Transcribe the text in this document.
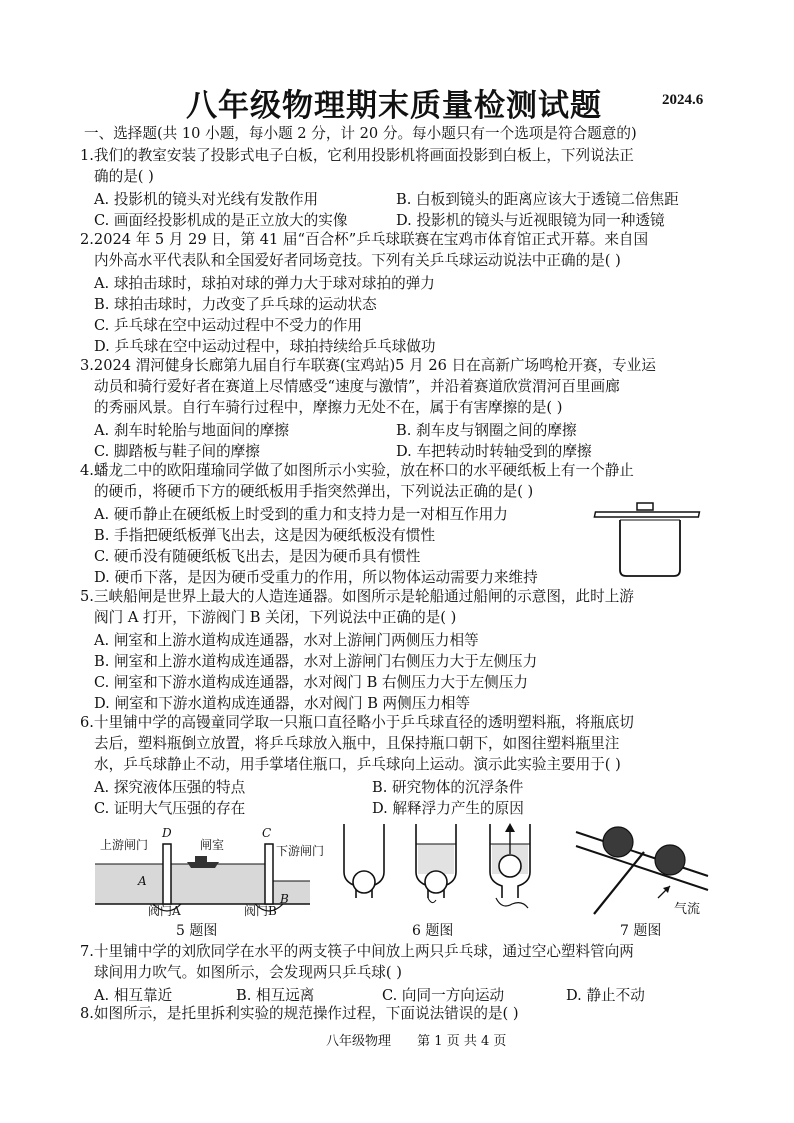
八年级物理期末质量检测试题	2024.6
一、选择题(共 10 小题，每小题 2 分，计 20 分。每小题只有一个选项是符合题意的)
1.我们的教室安装了投影式电子白板，它利用投影机将画面投影到白板上，下列说法正
确的是( )
A. 投影机的镜头对光线有发散作用	B. 白板到镜头的距离应该大于透镜二倍焦距
C. 画面经投影机成的是正立放大的实像	D. 投影机的镜头与近视眼镜为同一种透镜
2.2024 年 5 月 29 日，第 41 届“百合杯”乒乓球联赛在宝鸡市体育馆正式开幕。来自国
内外高水平代表队和全国爱好者同场竞技。下列有关乒乓球运动说法中正确的是( )
A. 球拍击球时，球拍对球的弹力大于球对球拍的弹力
B. 球拍击球时，力改变了乒乓球的运动状态
C. 乒乓球在空中运动过程中不受力的作用
D. 乒乓球在空中运动过程中，球拍持续给乒乓球做功
3.2024 渭河健身长廊第九届自行车联赛(宝鸡站)5 月 26 日在高新广场鸣枪开赛，专业运
动员和骑行爱好者在赛道上尽情感受“速度与激情”，并沿着赛道欣赏渭河百里画廊
的秀丽风景。自行车骑行过程中，摩擦力无处不在，属于有害摩擦的是( )
A. 刹车时轮胎与地面间的摩擦	B. 刹车皮与钢圈之间的摩擦
C. 脚踏板与鞋子间的摩擦	D. 车把转动时转轴受到的摩擦
4.蟠龙二中的欧阳瑾瑜同学做了如图所示小实验，放在杯口的水平硬纸板上有一个静止
的硬币，将硬币下方的硬纸板用手指突然弹出，下列说法正确的是( )
A. 硬币静止在硬纸板上时受到的重力和支持力是一对相互作用力
B. 手指把硬纸板弹飞出去，这是因为硬纸板没有惯性
C. 硬币没有随硬纸板飞出去，是因为硬币具有惯性
D. 硬币下落，是因为硬币受重力的作用，所以物体运动需要力来维持
5.三峡船闸是世界上最大的人造连通器。如图所示是轮船通过船闸的示意图，此时上游
阀门 A 打开，下游阀门 B 关闭，下列说法中正确的是( )
A. 闸室和上游水道构成连通器，水对上游闸门两侧压力相等
B. 闸室和上游水道构成连通器，水对上游闸门右侧压力大于左侧压力
C. 闸室和下游水道构成连通器，水对阀门 B 右侧压力大于左侧压力
D. 闸室和下游水道构成连通器，水对阀门 B 两侧压力相等
6.十里铺中学的高镘童同学取一只瓶口直径略小于乒乓球直径的透明塑料瓶，将瓶底切
去后，塑料瓶倒立放置，将乒乓球放入瓶中，且保持瓶口朝下，如图往塑料瓶里注
水，乒乓球静止不动，用手掌堵住瓶口，乒乓球向上运动。演示此实验主要用于( )
A. 探究液体压强的特点	B. 研究物体的沉浮条件
C. 证明大气压强的存在	D. 解释浮力产生的原因
上游闸门	闸室	下游闸门
D	C
A
B
阀门A	阀门B
5 题图	6 题图
气流
7 题图
7.十里铺中学的刘欣同学在水平的两支筷子中间放上两只乒乓球，通过空心塑料管向两
球间用力吹气。如图所示，会发现两只乒乓球( )
A. 相互靠近	B. 相互远离	C. 向同一方向运动	D. 静止不动
8.如图所示，是托里拆利实验的规范操作过程，下面说法错误的是( )
八年级物理 第 1 页 共 4 页
